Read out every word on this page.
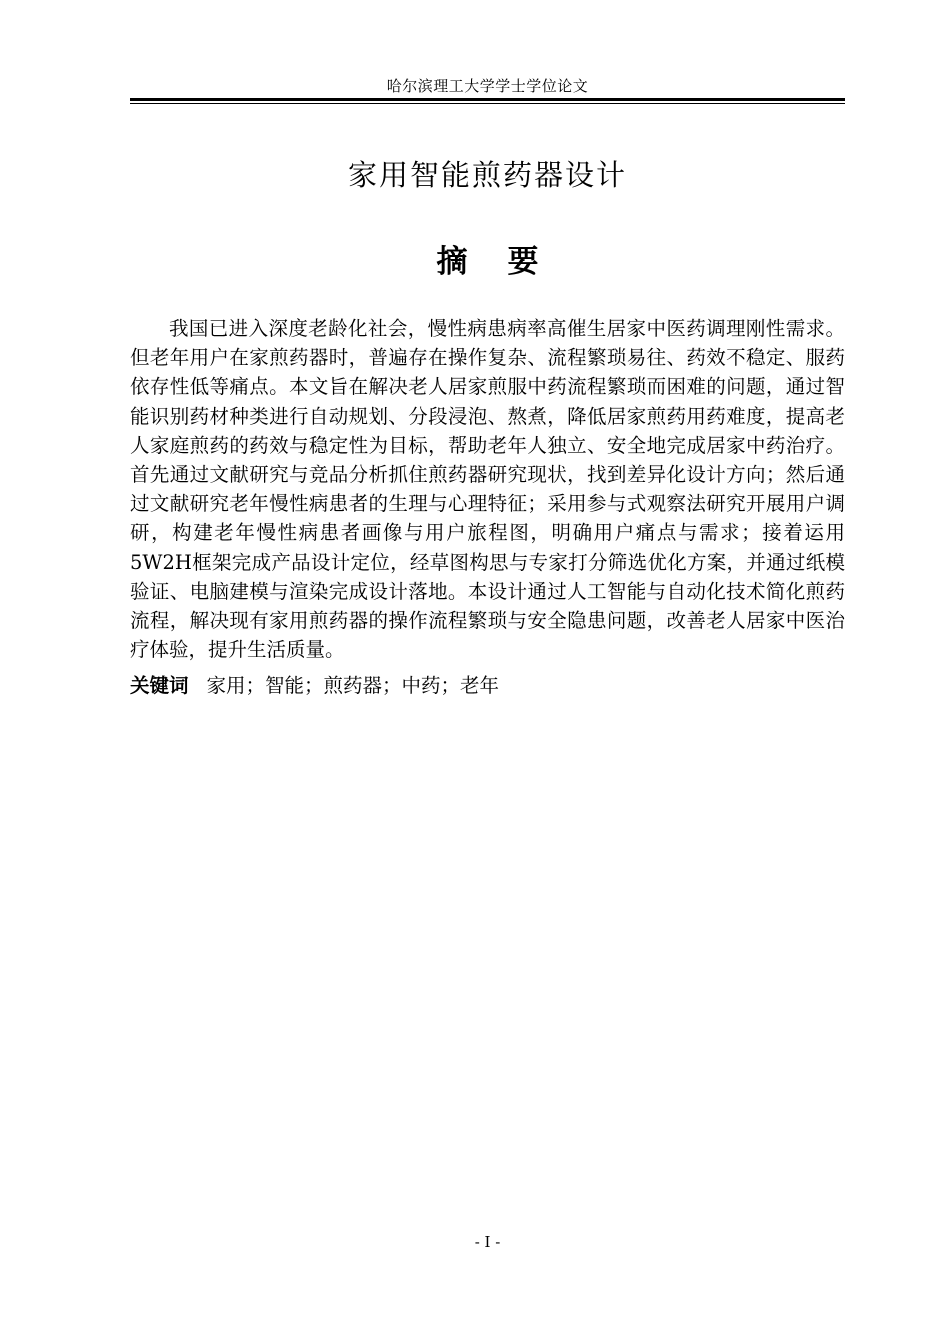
哈尔滨理工大学学士学位论文
家用智能煎药器设计
摘要

我国已进入深度老龄化社会，慢性病患病率高催生居家中医药调理刚性需求。但老年用户在家煎药器时，普遍存在操作复杂、流程繁琐易往、药效不稳定、服药依存性低等痛点。本文旨在解决老人居家煎服中药流程繁琐而困难的问题，通过智能识别药材种类进行自动规划、分段浸泡、熬煮，降低居家煎药用药难度，提高老人家庭煎药的药效与稳定性为目标，帮助老年人独立、安全地完成居家中药治疗。首先通过文献研究与竞品分析抓住煎药器研究现状，找到差异化设计方向；然后通过文献研究老年慢性病患者的生理与心理特征；采用参与式观察法研究开展用户调研，构建老年慢性病患者画像与用户旅程图，明确用户痛点与需求；接着运用5W2H框架完成产品设计定位，经草图构思与专家打分筛选优化方案，并通过纸模验证、电脑建模与渲染完成设计落地。本设计通过人工智能与自动化技术简化煎药流程，解决现有家用煎药器的操作流程繁琐与安全隐患问题，改善老人居家中医治疗体验，提升生活质量。

关键词 家用；智能；煎药器；中药；老年
- I -
